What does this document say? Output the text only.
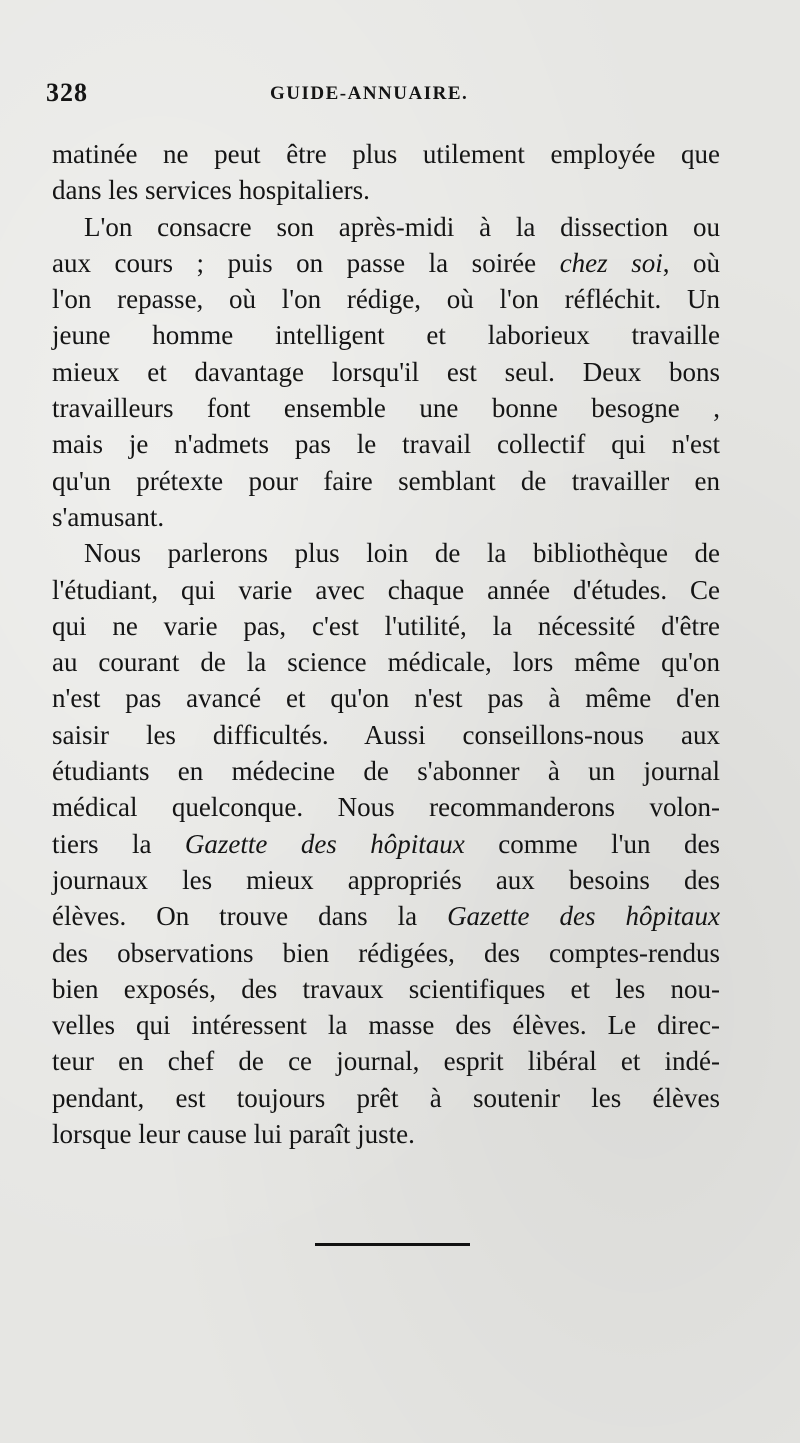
328	GUIDE-ANNUAIRE.
matinée ne peut être plus utilement employée que
dans les services hospitaliers.
L'on consacre son après-midi à la dissection ou
aux cours ; puis on passe la soirée chez soi, où
l'on repasse, où l'on rédige, où l'on réfléchit. Un
jeune homme intelligent et laborieux travaille
mieux et davantage lorsqu'il est seul. Deux bons
travailleurs font ensemble une bonne besogne ,
mais je n'admets pas le travail collectif qui n'est
qu'un prétexte pour faire semblant de travailler en
s'amusant.
Nous parlerons plus loin de la bibliothèque de
l'étudiant, qui varie avec chaque année d'études. Ce
qui ne varie pas, c'est l'utilité, la nécessité d'être
au courant de la science médicale, lors même qu'on
n'est pas avancé et qu'on n'est pas à même d'en
saisir les difficultés. Aussi conseillons-nous aux
étudiants en médecine de s'abonner à un journal
médical quelconque. Nous recommanderons volon-
tiers la Gazette des hôpitaux comme l'un des
journaux les mieux appropriés aux besoins des
élèves. On trouve dans la Gazette des hôpitaux
des observations bien rédigées, des comptes-rendus
bien exposés, des travaux scientifiques et les nou-
velles qui intéressent la masse des élèves. Le direc-
teur en chef de ce journal, esprit libéral et indé-
pendant, est toujours prêt à soutenir les élèves
lorsque leur cause lui paraît juste.
